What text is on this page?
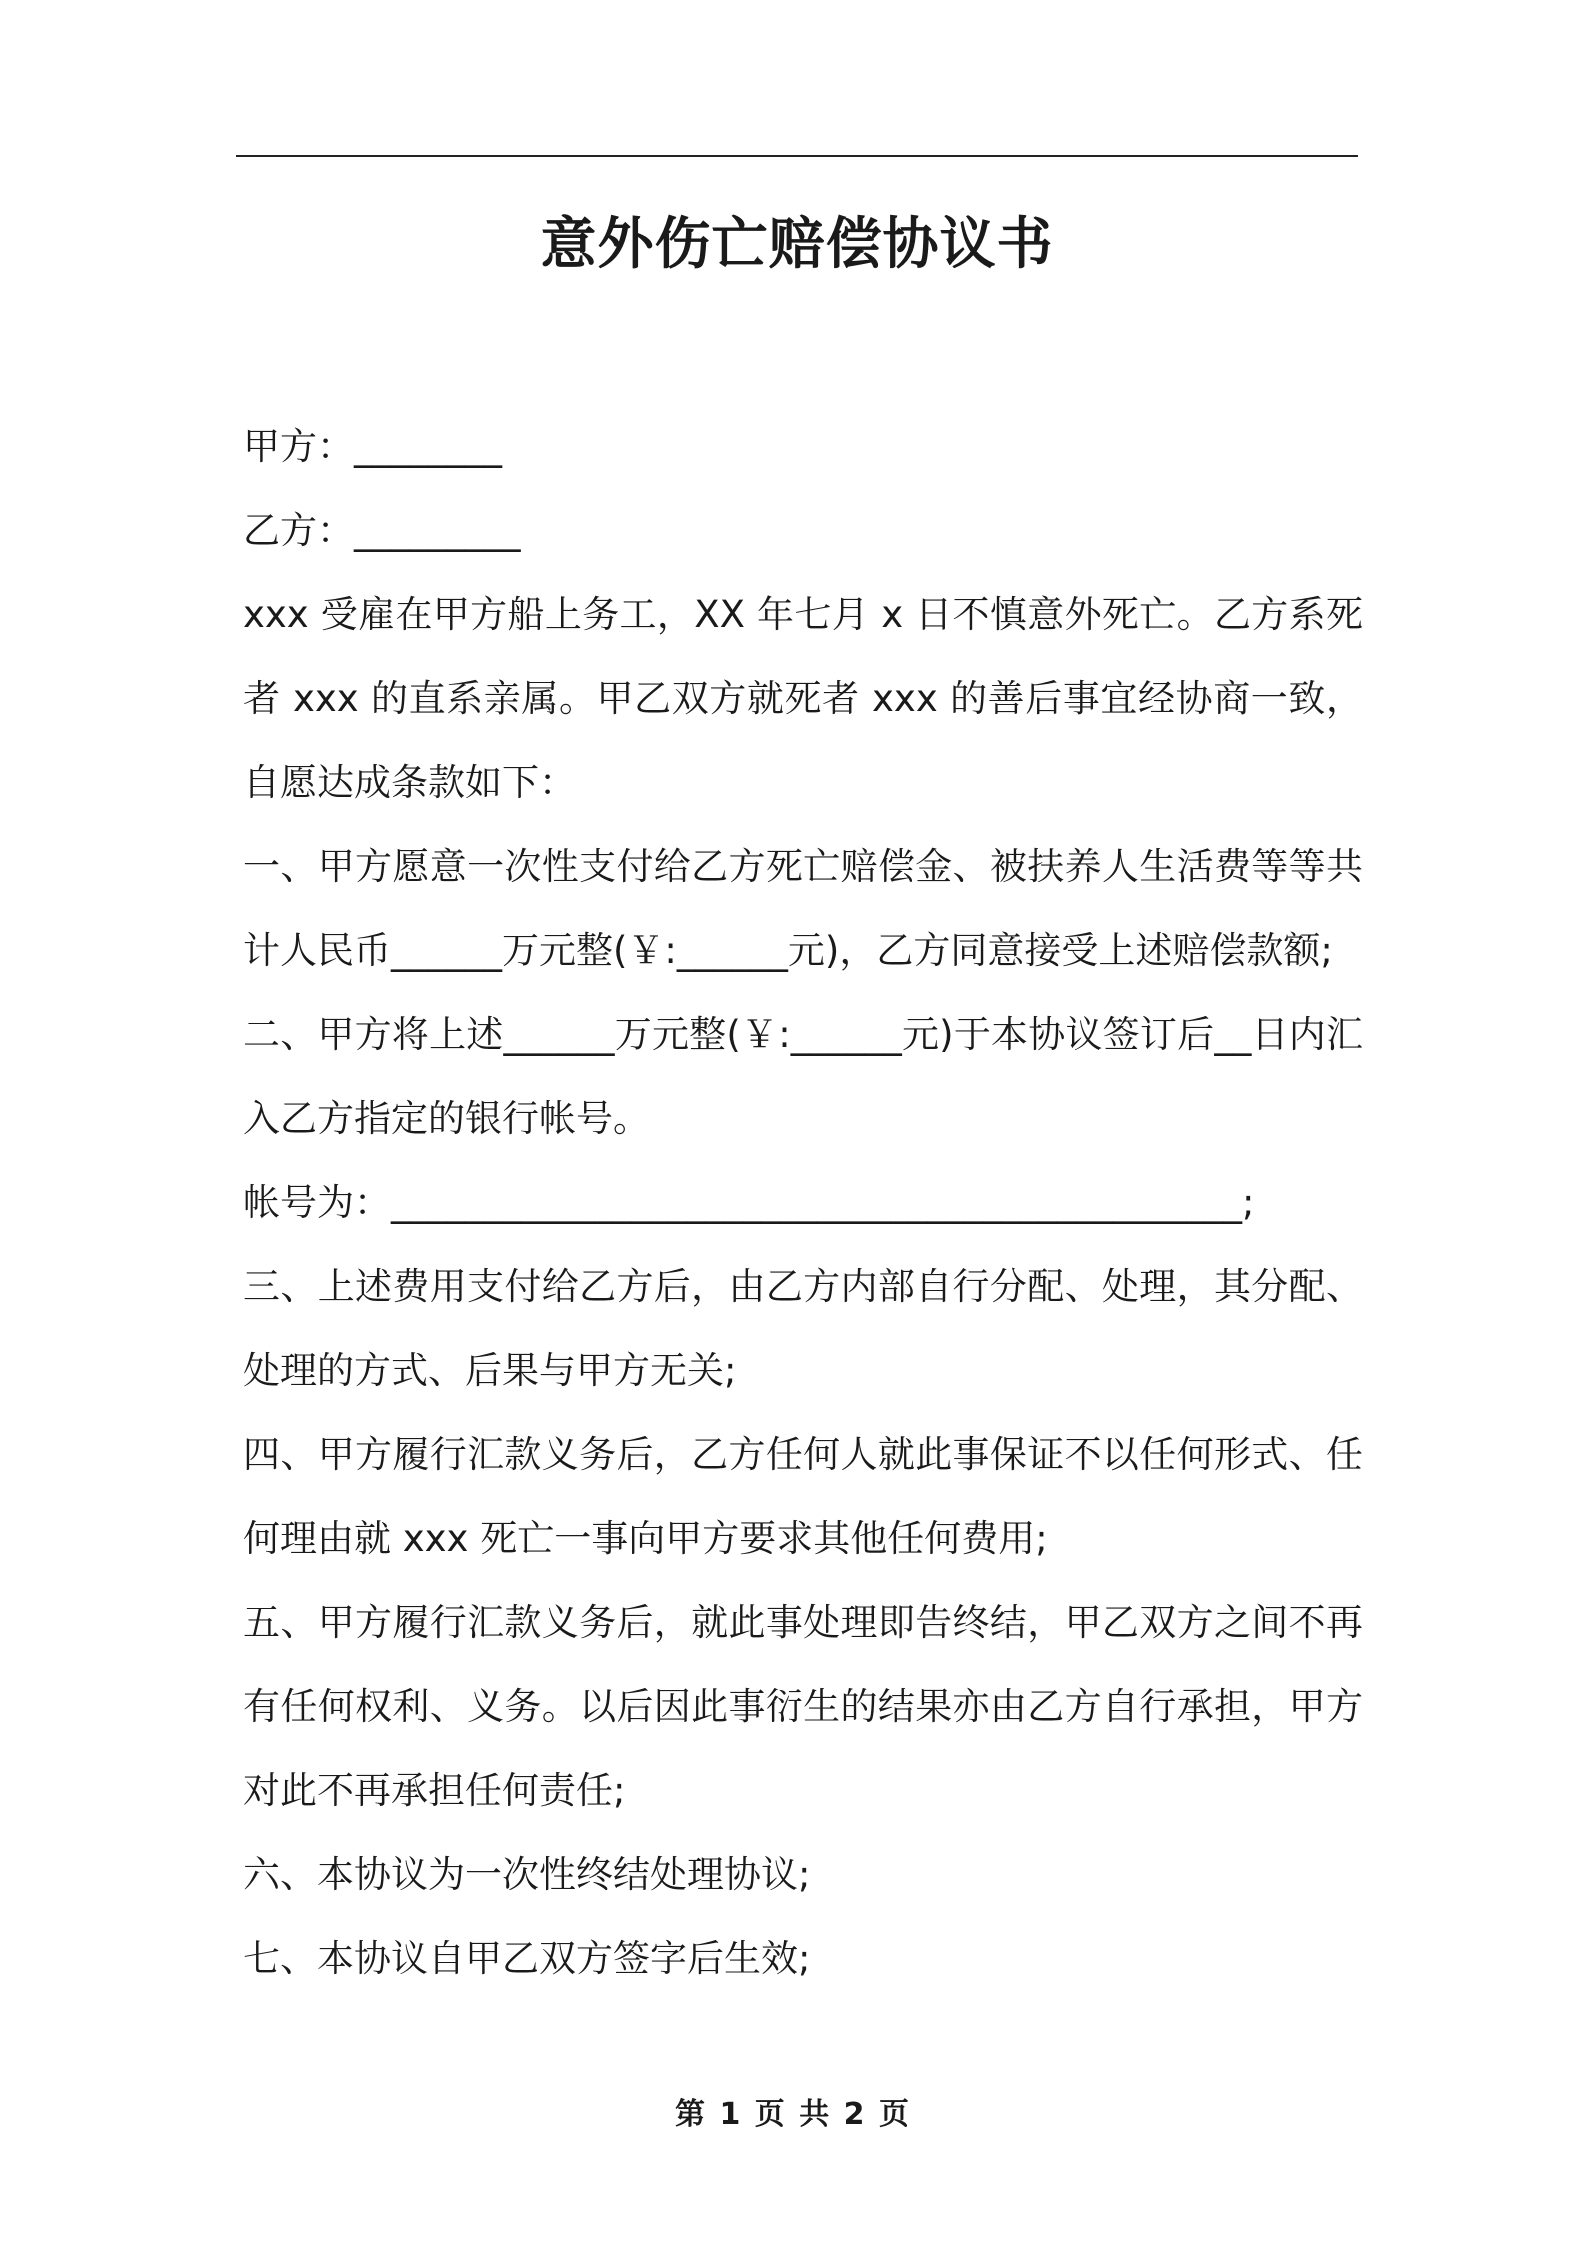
意外伤亡赔偿协议书

甲方：________

乙方：_________

xxx 受雇在甲方船上务工，XX 年七月 x 日不慎意外死亡。乙方系死者 xxx 的直系亲属。甲乙双方就死者 xxx 的善后事宜经协商一致，自愿达成条款如下：

一、甲方愿意一次性支付给乙方死亡赔偿金、被扶养人生活费等等共计人民币______万元整(￥:______元)，乙方同意接受上述赔偿款额;

二、甲方将上述______万元整(￥:______元)于本协议签订后__日内汇入乙方指定的银行帐号。

帐号为：______________________________________________;

三、上述费用支付给乙方后，由乙方内部自行分配、处理，其分配、处理的方式、后果与甲方无关;

四、甲方履行汇款义务后，乙方任何人就此事保证不以任何形式、任何理由就 xxx 死亡一事向甲方要求其他任何费用;

五、甲方履行汇款义务后，就此事处理即告终结，甲乙双方之间不再有任何权利、义务。以后因此事衍生的结果亦由乙方自行承担，甲方对此不再承担任何责任;

六、本协议为一次性终结处理协议;

七、本协议自甲乙双方签字后生效;

第 1 页 共 2 页
